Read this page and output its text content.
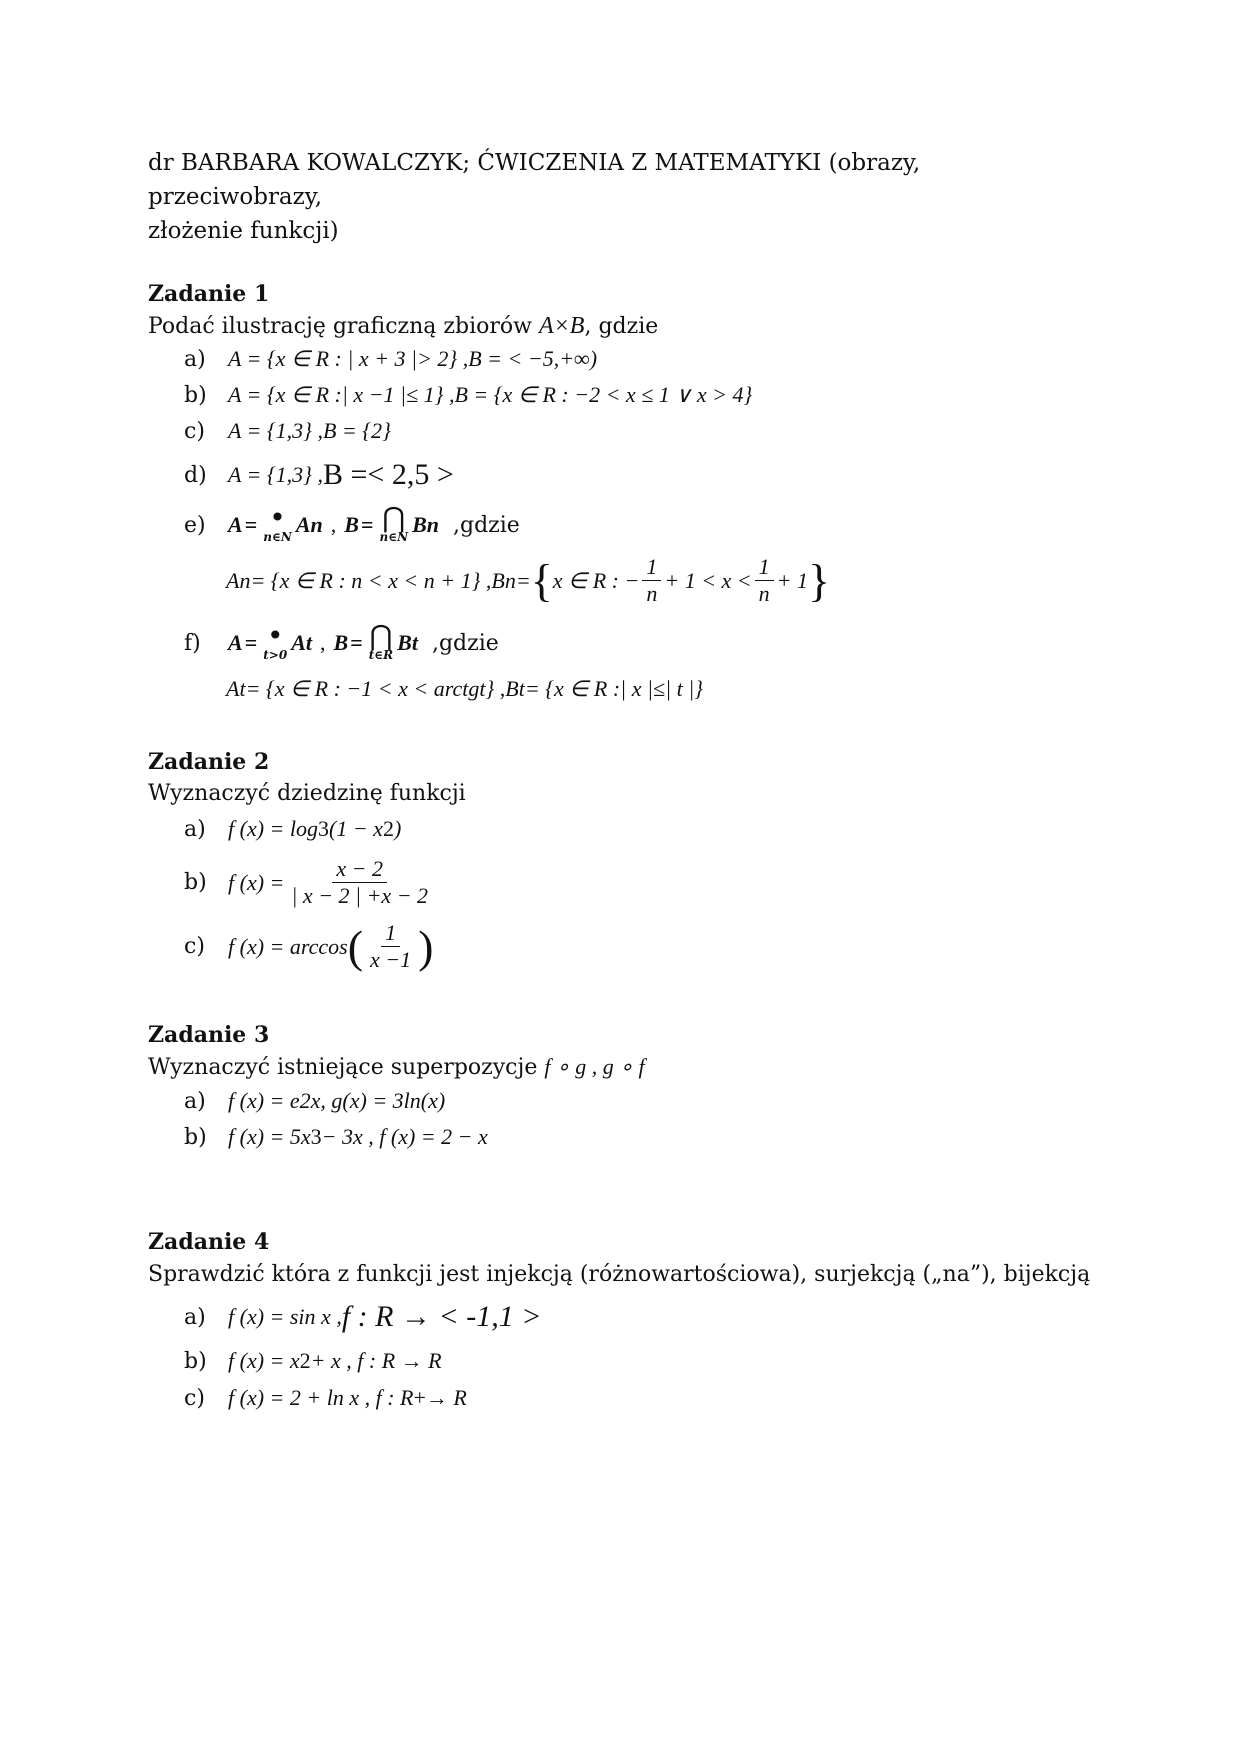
dr BARBARA KOWALCZYK; ĆWICZENIA Z MATEMATYKI (obrazy, przeciwobrazy,
złożenie funkcji)
Zadanie 1
Podać ilustrację graficzną zbiorów A×B, gdzie
a)	A = {x ∈ R : | x + 3 |> 2} , B = < −5,+∞)
b) A = {x ∈ R :| x −1 |≤ 1} , B = {x ∈ R : −2 < x ≤ 1 ∨ x > 4}
c)	A = {1,3} , B = {2}
d) A = {1,3} , B =< 2,5 >
e)	A = •
n∈N A n , B = ⋂
n∈N B n ,gdzie
A n = {x ∈ R : n < x < n + 1} , B n = { x ∈ R : − $\frac{1}{n} + 1 < x < \frac{1}{n} + 1$ }
f)	A = •
t>0 A t , B = ⋂
t∈R B t ,gdzie
A t = {x ∈ R : −1 < x < arctgt} , B t = {x ∈ R :| x |≤| t |}
Zadanie 2
Wyznaczyć dziedzinę funkcji
a)	f (x) = log 3 (1 − x 2 )
b) f $(x) = \frac{x - 2}{| x - 2 | +x - 2}$
c)	f (x) = arccos ( $\frac{1}{x -1}$ )
Zadanie 3
Wyznaczyć istniejące superpozycje f ∘ g , g ∘ f
a)	f (x) = e 2x , g(x) = 3ln(x)
b) f (x) = 5x 3 − 3x , f (x) = 2 − x
Zadanie 4
Sprawdzić która z funkcji jest injekcją (różnowartościowa), surjekcją („na”), bijekcją
a)	f (x) = sin x , f : R → < -1,1 >
b) f (x) = x 2 + x , f : R → R
c)	f (x) = 2 + ln x , f : R + → R
